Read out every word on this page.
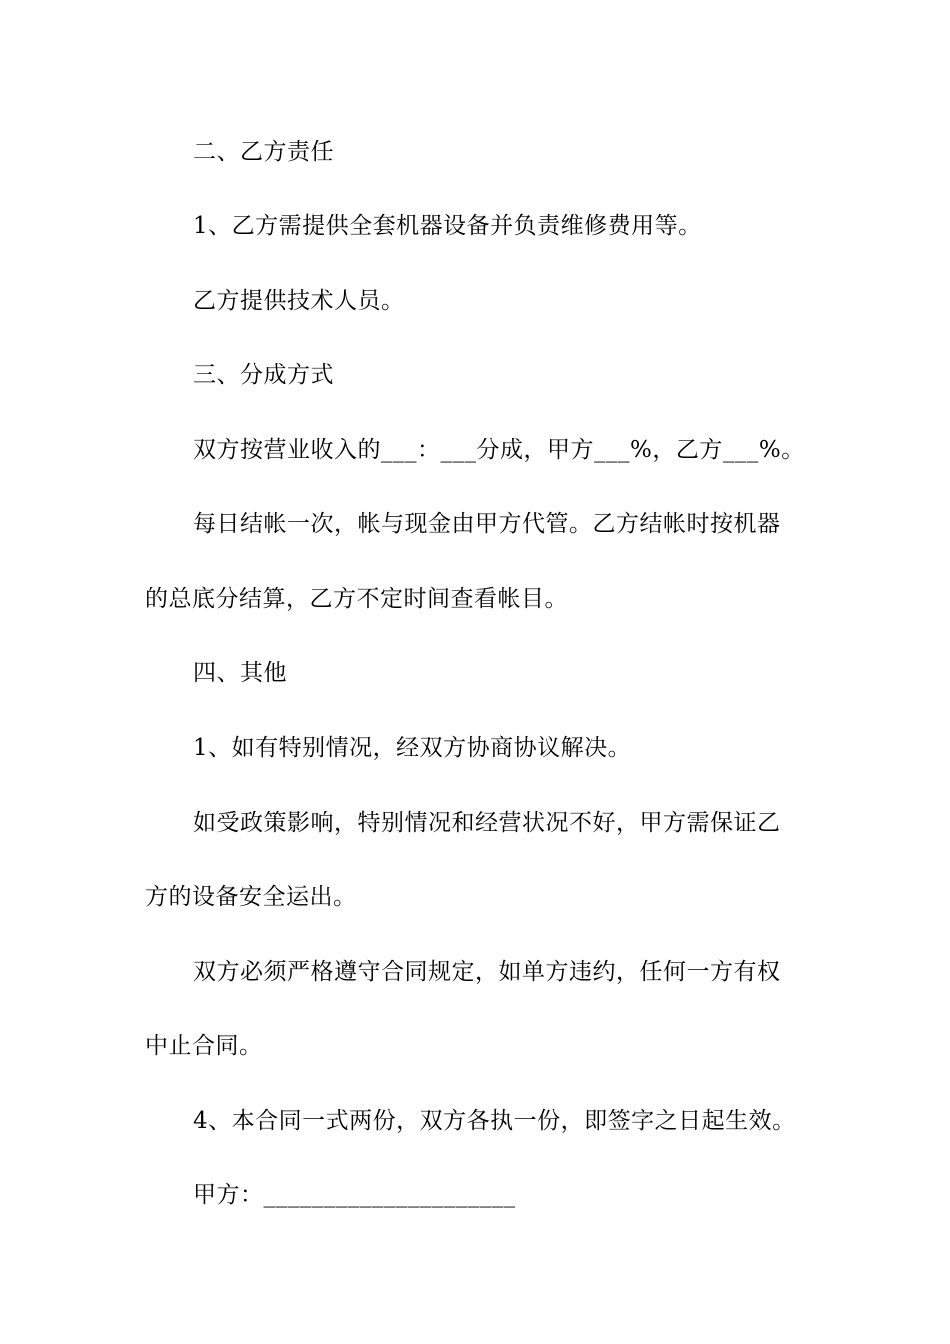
二、乙方责任
1、乙方需提供全套机器设备并负责维修费用等。
乙方提供技术人员。
三、分成方式
双方按营业收入的___：___分成，甲方___%，乙方___%。
每日结帐一次，帐与现金由甲方代管。乙方结帐时按机器
的总底分结算，乙方不定时间查看帐目。
四、其他
1、如有特别情况，经双方协商协议解决。
如受政策影响，特别情况和经营状况不好，甲方需保证乙
方的设备安全运出。
双方必须严格遵守合同规定，如单方违约，任何一方有权
中止合同。
4、本合同一式两份，双方各执一份，即签字之日起生效。
甲方：_____________________
